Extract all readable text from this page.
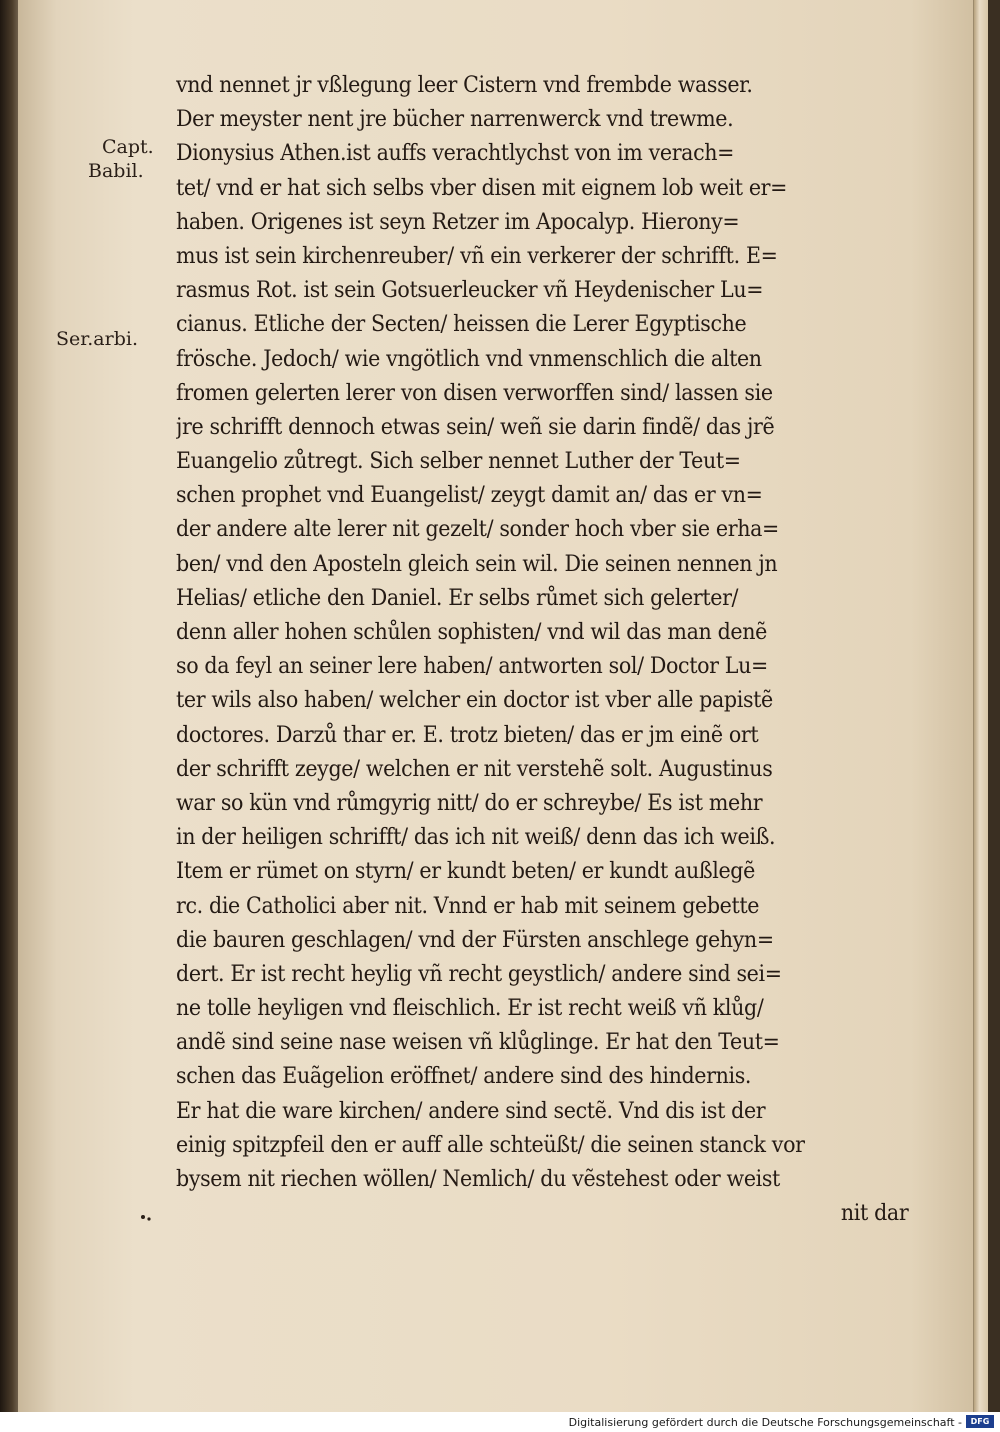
Capt.
Babil.
Ser.arbi.
vnd nennet jr vßlegung leer Cistern vnd frembde wasser.
Der meyster nent jre bücher narrenwerck vnd trewme.
Dionysius Athen.ist auffs verachtlychst von im verach=
tet/ vnd er hat sich selbs vber disen mit eignem lob weit er=
haben. Origenes ist seyn Retzer im Apocalyp. Hierony=
mus ist sein kirchenreuber/ vñ ein verkerer der schrifft. E=
rasmus Rot. ist sein Gotsuerleucker vñ Heydenischer Lu=
cianus. Etliche der Secten/ heissen die Lerer Egyptische
frösche. Jedoch/ wie vngötlich vnd vnmenschlich die alten
fromen gelerten lerer von disen verworffen sind/ lassen sie
jre schrifft dennoch etwas sein/ weñ sie darin findẽ/ das jrẽ
Euangelio zůtregt. Sich selber nennet Luther der Teut=
schen prophet vnd Euangelist/ zeygt damit an/ das er vn=
der andere alte lerer nit gezelt/ sonder hoch vber sie erha=
ben/ vnd den Aposteln gleich sein wil. Die seinen nennen jn
Helias/ etliche den Daniel. Er selbs růmet sich gelerter/
denn aller hohen schůlen sophisten/ vnd wil das man denẽ
so da feyl an seiner lere haben/ antworten sol/ Doctor Lu=
ter wils also haben/ welcher ein doctor ist vber alle papistẽ
doctores. Darzů thar er. E. trotz bieten/ das er jm einẽ ort
der schrifft zeyge/ welchen er nit verstehẽ solt. Augustinus
war so kün vnd růmgyrig nitt/ do er schreybe/ Es ist mehr
in der heiligen schrifft/ das ich nit weiß/ denn das ich weiß.
Item er rümet on styrn/ er kundt beten/ er kundt außlegẽ
rc. die Catholici aber nit. Vnnd er hab mit seinem gebette
die bauren geschlagen/ vnd der Fürsten anschlege gehyn=
dert. Er ist recht heylig vñ recht geystlich/ andere sind sei=
ne tolle heyligen vnd fleischlich. Er ist recht weiß vñ klůg/
andẽ sind seine nase weisen vñ klůglinge. Er hat den Teut=
schen das Euãgelion eröffnet/ andere sind des hindernis.
Er hat die ware kirchen/ andere sind sectẽ. Vnd dis ist der
einig spitzpfeil den er auff alle schteüßt/ die seinen stanck vor
bysem nit riechen wöllen/ Nemlich/ du vẽstehest oder weist
nit dar
Digitalisierung gefördert durch die Deutsche Forschungsgemeinschaft -	DFG
